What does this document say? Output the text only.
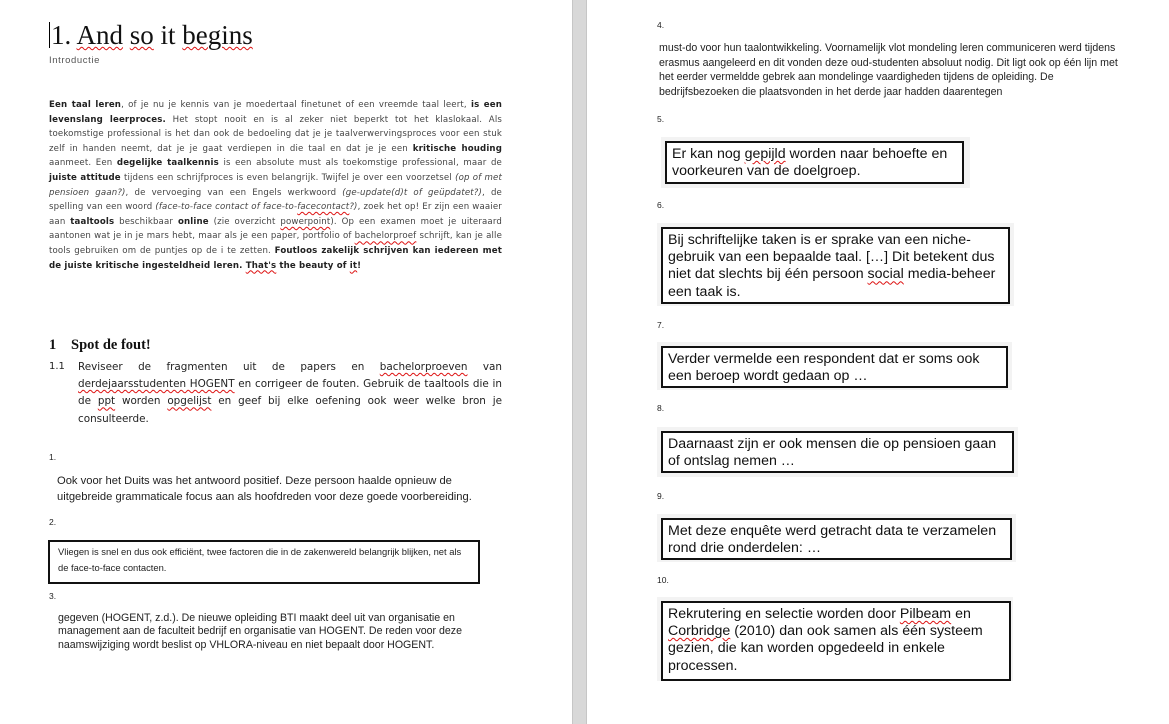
1. And so it begins
Introductie
Een taal leren, of je nu je kennis van je moedertaal finetunet of een vreemde taal leert, is een levenslang leerproces. Het stopt nooit en is al zeker niet beperkt tot het klaslokaal. Als toekomstige professional is het dan ook de bedoeling dat je je taalverwervingsproces voor een stuk zelf in handen neemt, dat je je gaat verdiepen in die taal en dat je je een kritische houding aanmeet. Een degelijke taalkennis is een absolute must als toekomstige professional, maar de juiste attitude tijdens een schrijfproces is even belangrijk. Twijfel je over een voorzetsel (op of met pensioen gaan?), de vervoeging van een Engels werkwoord (ge-update(d)t of geüpdatet?), de spelling van een woord (face-to-face contact of face-to-facecontact?), zoek het op! Er zijn een waaier aan taaltools beschikbaar online (zie overzicht powerpoint). Op een examen moet je uiteraard aantonen wat je in je mars hebt, maar als je een paper, portfolio of bachelorproef schrijft, kan je alle tools gebruiken om de puntjes op de i te zetten. Foutloos zakelijk schrijven kan iedereen met de juiste kritische ingesteldheid leren. That's the beauty of it!
1 Spot de fout!
1.1 Reviseer de fragmenten uit de papers en bachelorproeven van derdejaarsstudenten HOGENT en corrigeer de fouten. Gebruik de taaltools die in de ppt worden opgelijst en geef bij elke oefening ook weer welke bron je consulteerde.
1.
Ook voor het Duits was het antwoord positief. Deze persoon haalde opnieuw de uitgebreide grammaticale focus aan als hoofdreden voor deze goede voorbereiding.
2.
Vliegen is snel en dus ook efficiënt, twee factoren die in de zakenwereld belangrijk blijken, net als de face-to-face contacten.
3.
gegeven (HOGENT, z.d.). De nieuwe opleiding BTI maakt deel uit van organisatie en management aan de faculteit bedrijf en organisatie van HOGENT. De reden voor deze naamswijziging wordt beslist op VHLORA-niveau en niet bepaalt door HOGENT.
4.
must-do voor hun taalontwikkeling. Voornamelijk vlot mondeling leren communiceren werd tijdens erasmus aangeleerd en dit vonden deze oud-studenten absoluut nodig. Dit ligt ook op één lijn met het eerder vermeldde gebrek aan mondelinge vaardigheden tijdens de opleiding. De bedrijfsbezoeken die plaatsvonden in het derde jaar hadden daarentegen
5.
Er kan nog gepijld worden naar behoefte en voorkeuren van de doelgroep.
6.
Bij schriftelijke taken is er sprake van een niche-gebruik van een bepaalde taal. […] Dit betekent dus niet dat slechts bij één persoon social media-beheer een taak is.
7.
Verder vermelde een respondent dat er soms ook een beroep wordt gedaan op …
8.
Daarnaast zijn er ook mensen die op pensioen gaan of ontslag nemen …
9.
Met deze enquête werd getracht data te verzamelen rond drie onderdelen: …
10.
Rekrutering en selectie worden door Pilbeam en Corbridge (2010) dan ook samen als één systeem gezien, die kan worden opgedeeld in enkele processen.
